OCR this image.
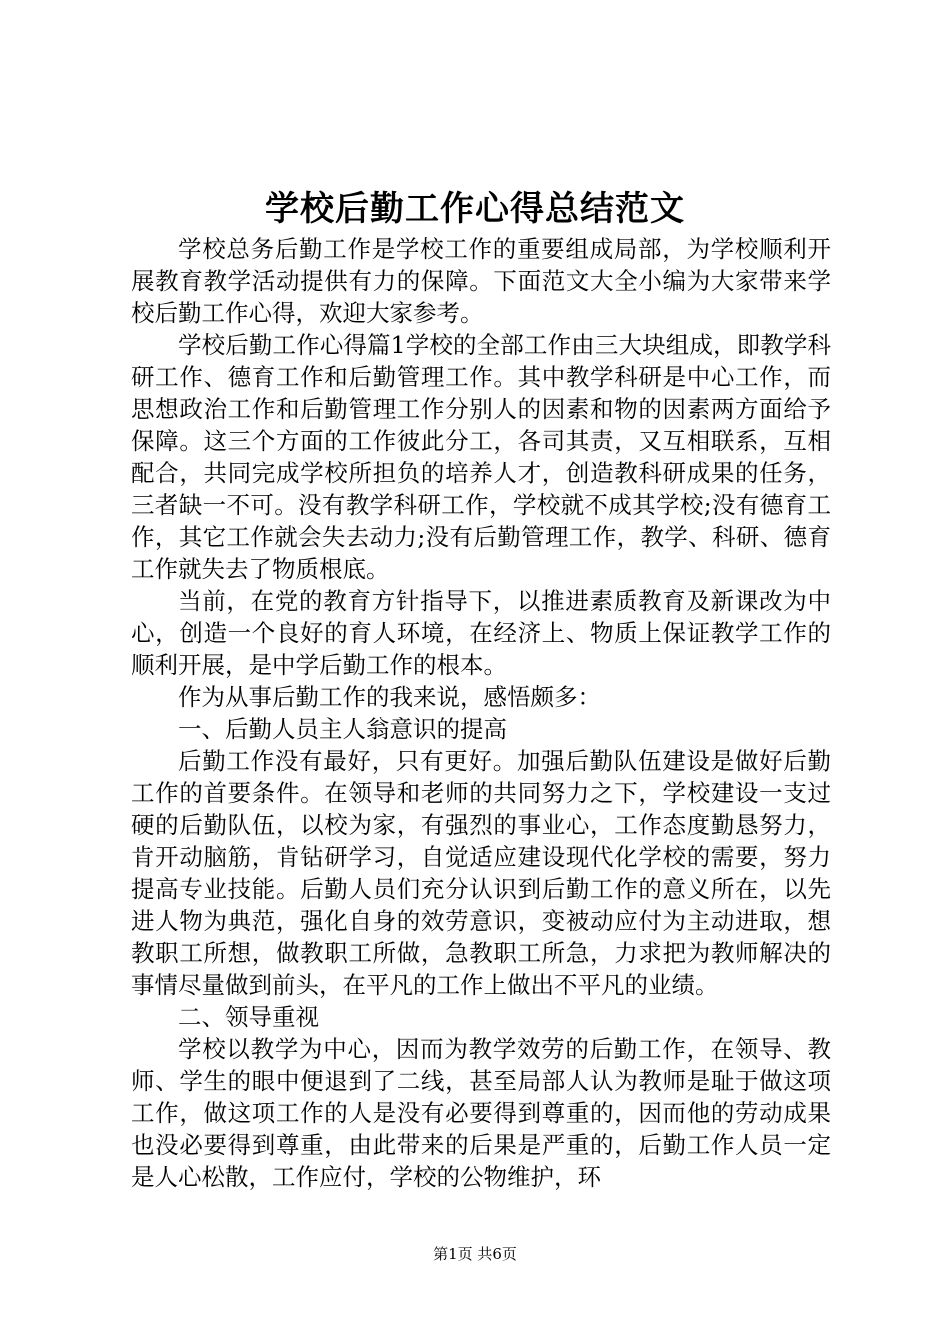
学校后勤工作心得总结范文

学校总务后勤工作是学校工作的重要组成局部，为学校顺利开展教育教学活动提供有力的保障。下面范文大全小编为大家带来学校后勤工作心得，欢迎大家参考。

学校后勤工作心得篇1学校的全部工作由三大块组成，即教学科研工作、德育工作和后勤管理工作。其中教学科研是中心工作，而思想政治工作和后勤管理工作分别人的因素和物的因素两方面给予保障。这三个方面的工作彼此分工，各司其责，又互相联系，互相配合，共同完成学校所担负的培养人才，创造教科研成果的任务，三者缺一不可。没有教学科研工作，学校就不成其学校;没有德育工作，其它工作就会失去动力;没有后勤管理工作，教学、科研、德育工作就失去了物质根底。

当前，在党的教育方针指导下，以推进素质教育及新课改为中心，创造一个良好的育人环境，在经济上、物质上保证教学工作的顺利开展，是中学后勤工作的根本。

作为从事后勤工作的我来说，感悟颇多：

一、后勤人员主人翁意识的提高

后勤工作没有最好，只有更好。加强后勤队伍建设是做好后勤工作的首要条件。在领导和老师的共同努力之下，学校建设一支过硬的后勤队伍，以校为家，有强烈的事业心，工作态度勤恳努力，肯开动脑筋，肯钻研学习，自觉适应建设现代化学校的需要，努力提高专业技能。后勤人员们充分认识到后勤工作的意义所在，以先进人物为典范，强化自身的效劳意识，变被动应付为主动进取，想教职工所想，做教职工所做，急教职工所急，力求把为教师解决的事情尽量做到前头，在平凡的工作上做出不平凡的业绩。

二、领导重视

学校以教学为中心，因而为教学效劳的后勤工作，在领导、教师、学生的眼中便退到了二线，甚至局部人认为教师是耻于做这项工作，做这项工作的人是没有必要得到尊重的，因而他的劳动成果也没必要得到尊重，由此带来的后果是严重的，后勤工作人员一定是人心松散，工作应付，学校的公物维护，环

第1页 共6页
